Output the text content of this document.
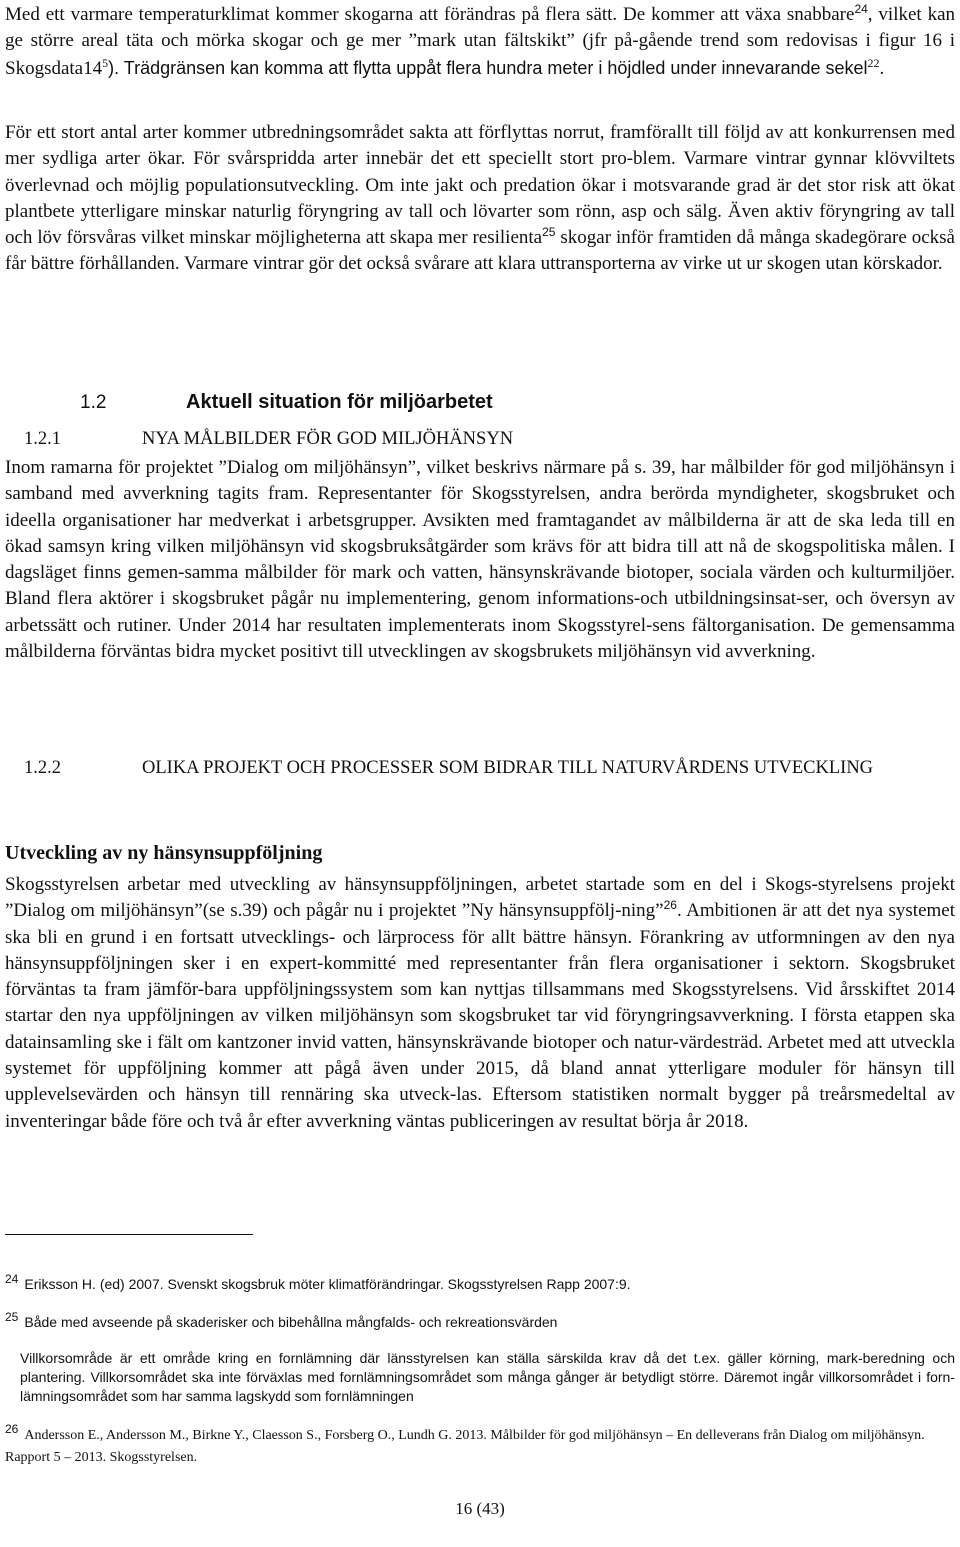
Med ett varmare temperaturklimat kommer skogarna att förändras på flera sätt. De kommer att växa snabbare$^{24}$, vilket kan ge större areal täta och mörka skogar och ge mer ”mark utan fältskikt” (jfr på-gående trend som redovisas i figur 16 i $Skogsdata14^5$). Trädgränsen kan komma att flytta uppåt flera hundra meter i höjdled under innevarande sekel$^{22}$.

För ett stort antal arter kommer utbredningsområdet sakta att förflyttas norrut, framförallt till följd av att konkurrensen med mer sydliga arter ökar. För svårspridda arter innebär det ett speciellt stort pro-blem. Varmare vintrar gynnar klövviltets överlevnad och möjlig populationsutveckling. Om inte jakt och predation ökar i motsvarande grad är det stor risk att ökat plantbete ytterligare minskar naturlig föryngring av tall och lövarter som rönn, asp och sälg. Även aktiv föryngring av tall och löv försvåras vilket minskar möjligheterna att skapa mer resilienta$^{25}$ skogar inför framtiden då många skadegörare också får bättre förhållanden. Varmare vintrar gör det också svårare att klara uttransporterna av virke ut ur skogen utan körskador.

1.2	Aktuell situation för miljöarbetet
1.2.1	NYA MÅLBILDER FÖR GOD MILJÖHÄNSYN

Inom ramarna för projektet ”Dialog om miljöhänsyn”, vilket beskrivs närmare på s. 39, har målbilder för god miljöhänsyn i samband med avverkning tagits fram. Representanter för Skogsstyrelsen, andra berörda myndigheter, skogsbruket och ideella organisationer har medverkat i arbetsgrupper. Avsikten med framtagandet av målbilderna är att de ska leda till en ökad samsyn kring vilken miljöhänsyn vid skogsbruksåtgärder som krävs för att bidra till att nå de skogspolitiska målen. I dagsläget finns gemen-samma målbilder för mark och vatten, hänsynskrävande biotoper, sociala värden och kulturmiljöer. Bland flera aktörer i skogsbruket pågår nu implementering, genom informations-och utbildningsinsat-ser, och översyn av arbetssätt och rutiner. Under 2014 har resultaten implementerats inom Skogsstyrel-sens fältorganisation. De gemensamma målbilderna förväntas bidra mycket positivt till utvecklingen av skogsbrukets miljöhänsyn vid avverkning.

1.2.2	OLIKA PROJEKT OCH PROCESSER SOM BIDRAR TILL NATURVÅRDENS UTVECKLING
Utveckling av ny hänsynsuppföljning

Skogsstyrelsen arbetar med utveckling av hänsynsuppföljningen, arbetet startade som en del i Skogs-styrelsens projekt ”Dialog om miljöhänsyn”(se s.39) och pågår nu i projektet ”Ny hänsynsuppfölj-ning”$^{26}$. Ambitionen är att det nya systemet ska bli en grund i en fortsatt utvecklings- och lärprocess för allt bättre hänsyn. Förankring av utformningen av den nya hänsynsuppföljningen sker i en expert-kommitté med representanter från flera organisationer i sektorn. Skogsbruket förväntas ta fram jämför-bara uppföljningssystem som kan nyttjas tillsammans med Skogsstyrelsens. Vid årsskiftet 2014 startar den nya uppföljningen av vilken miljöhänsyn som skogsbruket tar vid föryngringsavverkning. I första etappen ska datainsamling ske i fält om kantzoner invid vatten, hänsynskrävande biotoper och natur-värdesträd. Arbetet med att utveckla systemet för uppföljning kommer att pågå även under 2015, då bland annat ytterligare moduler för hänsyn till upplevelsevärden och hänsyn till rennäring ska utveck-las. Eftersom statistiken normalt bygger på treårsmedeltal av inventeringar både före och två år efter avverkning väntas publiceringen av resultat börja år 2018.

24 Eriksson H. (ed) 2007. Svenskt skogsbruk möter klimatförändringar. Skogsstyrelsen Rapp 2007:9.

25 Både med avseende på skaderisker och bibehållna mångfalds- och rekreationsvärden

Villkorsområde är ett område kring en fornlämning där länsstyrelsen kan ställa särskilda krav då det t.ex. gäller körning, mark-beredning och plantering. Villkorsområdet ska inte förväxlas med fornlämningsområdet som många gånger är betydligt större. Däremot ingår villkorsområdet i forn-lämningsområdet som har samma lagskydd som fornlämningen

26 Andersson E., Andersson M., Birkne Y., Claesson S., Forsberg O., Lundh G. 2013. Målbilder för god miljöhänsyn – En delleverans från Dialog om miljöhänsyn. Rapport 5 – 2013. Skogsstyrelsen.

16 (43)
